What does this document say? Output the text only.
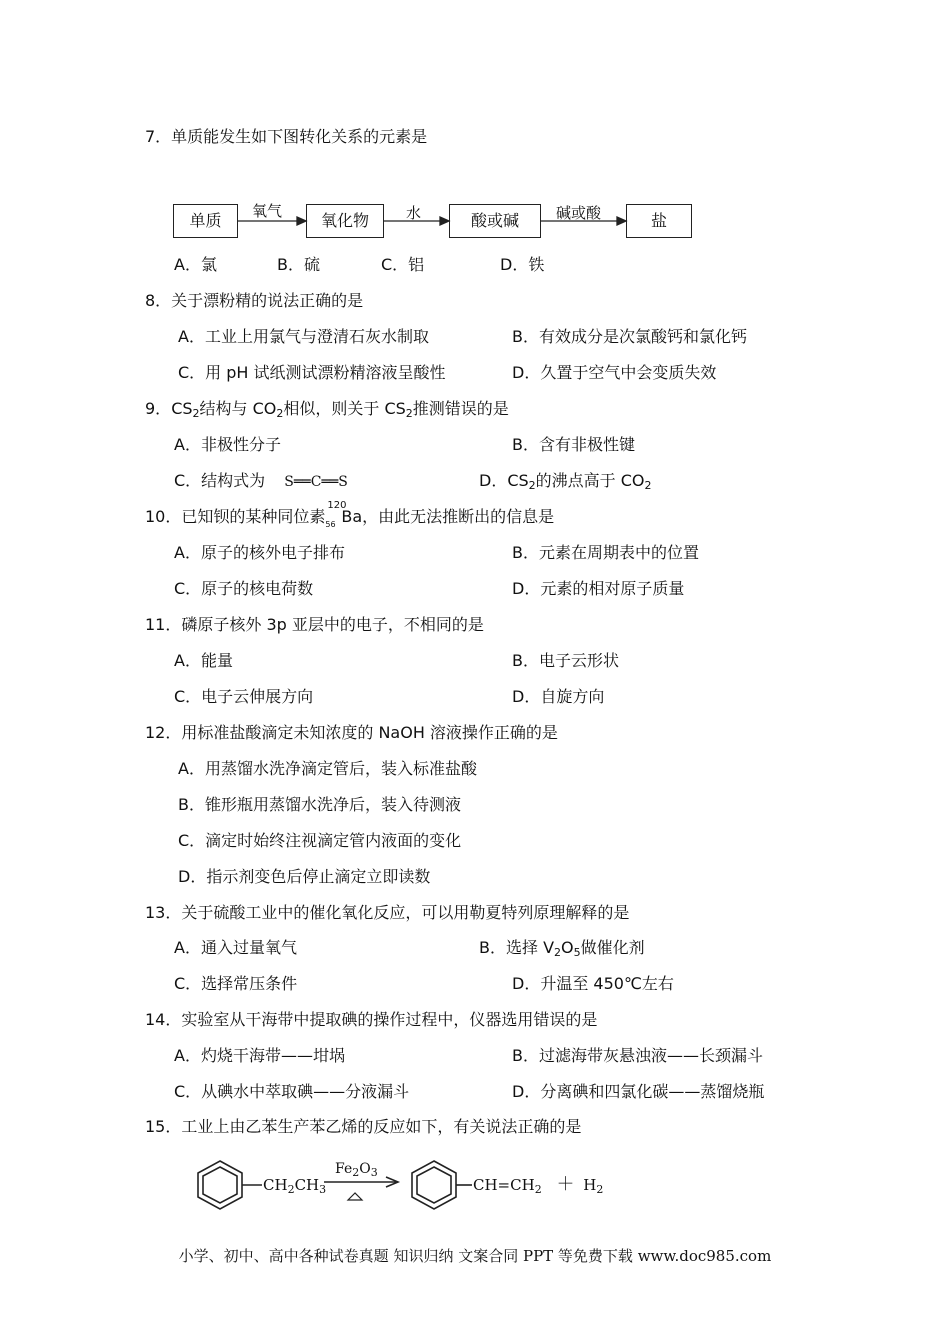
7．单质能发生如下图转化关系的元素是
单质	氧气	氧化物	水	酸或碱	碱或酸	盐
A．氯	B．硫	C．铝	D．铁
8．关于漂粉精的说法正确的是
A．工业上用氯气与澄清石灰水制取	B．有效成分是次氯酸钙和氯化钙
C．用 pH 试纸测试漂粉精溶液呈酸性	D．久置于空气中会变质失效
9．$CS_2$结构与 $CO_2$相似，则关于 $CS_2$推测错误的是
A．非极性分子	B．含有非极性键
C．结构式为 S══C══S	D．$CS_2$的沸点高于 $CO_2$
10．已知钡的某种同位素
120
56 Ba，由此无法推断出的信息是
A．原子的核外电子排布	B．元素在周期表中的位置
C．原子的核电荷数	D．元素的相对原子质量
11．磷原子核外 3p 亚层中的电子，不相同的是
A．能量	B．电子云形状
C．电子云伸展方向	D．自旋方向
12．用标准盐酸滴定未知浓度的 NaOH 溶液操作正确的是
A．用蒸馏水洗净滴定管后，装入标准盐酸
B．锥形瓶用蒸馏水洗净后，装入待测液
C．滴定时始终注视滴定管内液面的变化
D．指示剂变色后停止滴定立即读数
13．关于硫酸工业中的催化氧化反应，可以用勒夏特列原理解释的是
A．通入过量氧气	B．选择 $V_2O_5$做催化剂
C．选择常压条件	D．升温至 450℃左右
14．实验室从干海带中提取碘的操作过程中，仪器选用错误的是
A．灼烧干海带——坩埚	B．过滤海带灰悬浊液——长颈漏斗
C．从碘水中萃取碘——分液漏斗	D．分离碘和四氯化碳——蒸馏烧瓶
15．工业上由乙苯生产苯乙烯的反应如下，有关说法正确的是
$CH_2CH_3$
$Fe_2O_3$
$CH=CH_2 + H_2$
小学、初中、高中各种试卷真题 知识归纳 文案合同 PPT 等免费下载 www.doc985.com
